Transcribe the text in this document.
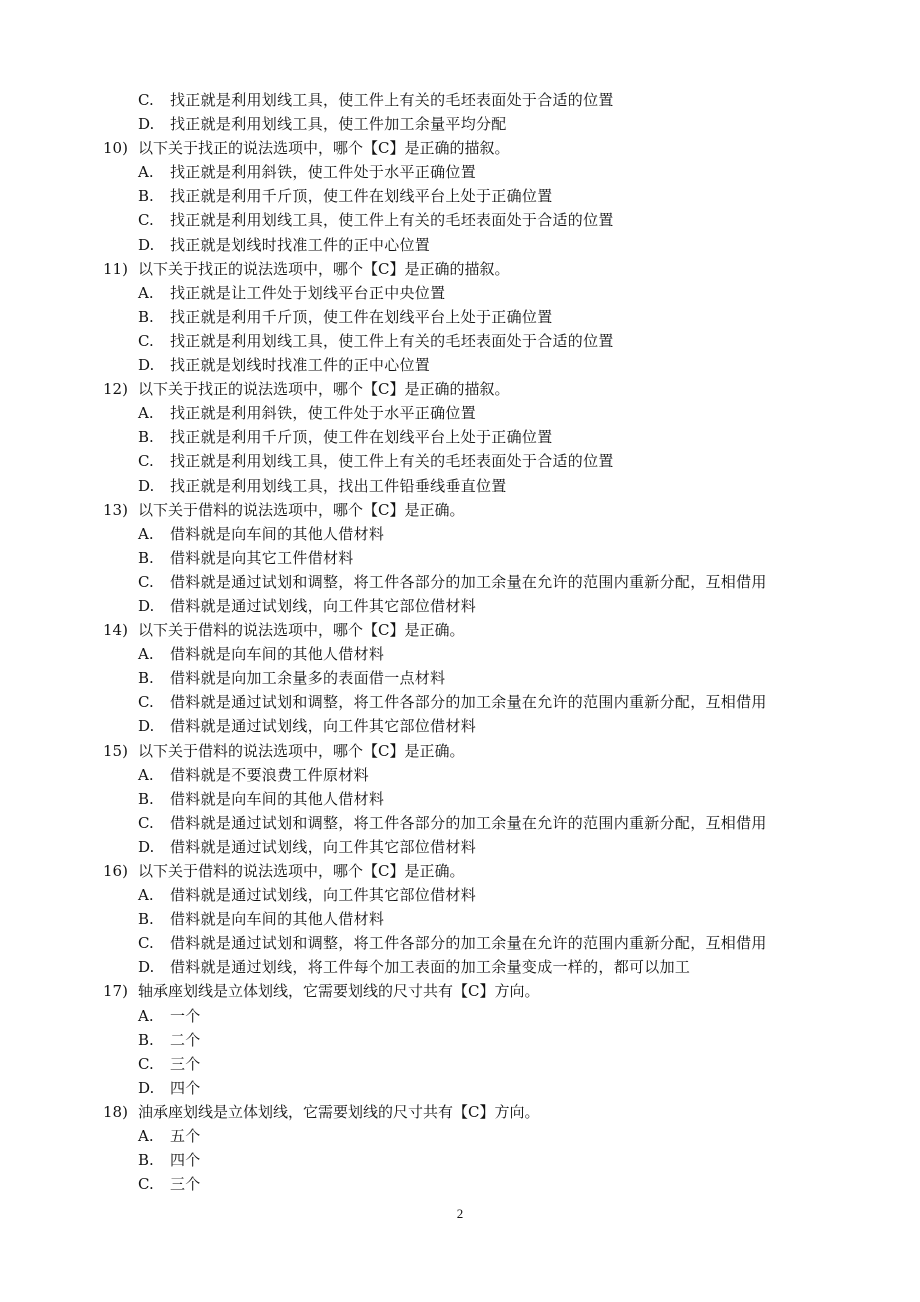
C.	找正就是利用划线工具，使工件上有关的毛坯表面处于合适的位置
D.	找正就是利用划线工具，使工件加工余量平均分配
10) 以下关于找正的说法选项中，哪个【C】是正确的描叙。
A.	找正就是利用斜铁，使工件处于水平正确位置
B.	找正就是利用千斤顶，使工件在划线平台上处于正确位置
C.	找正就是利用划线工具，使工件上有关的毛坯表面处于合适的位置
D.	找正就是划线时找准工件的正中心位置
11) 以下关于找正的说法选项中，哪个【C】是正确的描叙。
A.	找正就是让工件处于划线平台正中央位置
B.	找正就是利用千斤顶，使工件在划线平台上处于正确位置
C.	找正就是利用划线工具，使工件上有关的毛坯表面处于合适的位置
D.	找正就是划线时找准工件的正中心位置
12) 以下关于找正的说法选项中，哪个【C】是正确的描叙。
A.	找正就是利用斜铁，使工件处于水平正确位置
B.	找正就是利用千斤顶，使工件在划线平台上处于正确位置
C.	找正就是利用划线工具，使工件上有关的毛坯表面处于合适的位置
D.	找正就是利用划线工具，找出工件铅垂线垂直位置
13) 以下关于借料的说法选项中，哪个【C】是正确。
A.	借料就是向车间的其他人借材料
B.	借料就是向其它工件借材料
C.	借料就是通过试划和调整，将工件各部分的加工余量在允许的范围内重新分配，互相借用
D.	借料就是通过试划线，向工件其它部位借材料
14) 以下关于借料的说法选项中，哪个【C】是正确。
A.	借料就是向车间的其他人借材料
B.	借料就是向加工余量多的表面借一点材料
C.	借料就是通过试划和调整，将工件各部分的加工余量在允许的范围内重新分配，互相借用
D.	借料就是通过试划线，向工件其它部位借材料
15) 以下关于借料的说法选项中，哪个【C】是正确。
A.	借料就是不要浪费工件原材料
B.	借料就是向车间的其他人借材料
C.	借料就是通过试划和调整，将工件各部分的加工余量在允许的范围内重新分配，互相借用
D.	借料就是通过试划线，向工件其它部位借材料
16) 以下关于借料的说法选项中，哪个【C】是正确。
A.	借料就是通过试划线，向工件其它部位借材料
B.	借料就是向车间的其他人借材料
C.	借料就是通过试划和调整，将工件各部分的加工余量在允许的范围内重新分配，互相借用
D.	借料就是通过划线，将工件每个加工表面的加工余量变成一样的，都可以加工
17) 轴承座划线是立体划线，它需要划线的尺寸共有【C】方向。
A.	一个
B.	二个
C.	三个
D.	四个
18) 油承座划线是立体划线，它需要划线的尺寸共有【C】方向。
A.	五个
B.	四个
C.	三个
2
